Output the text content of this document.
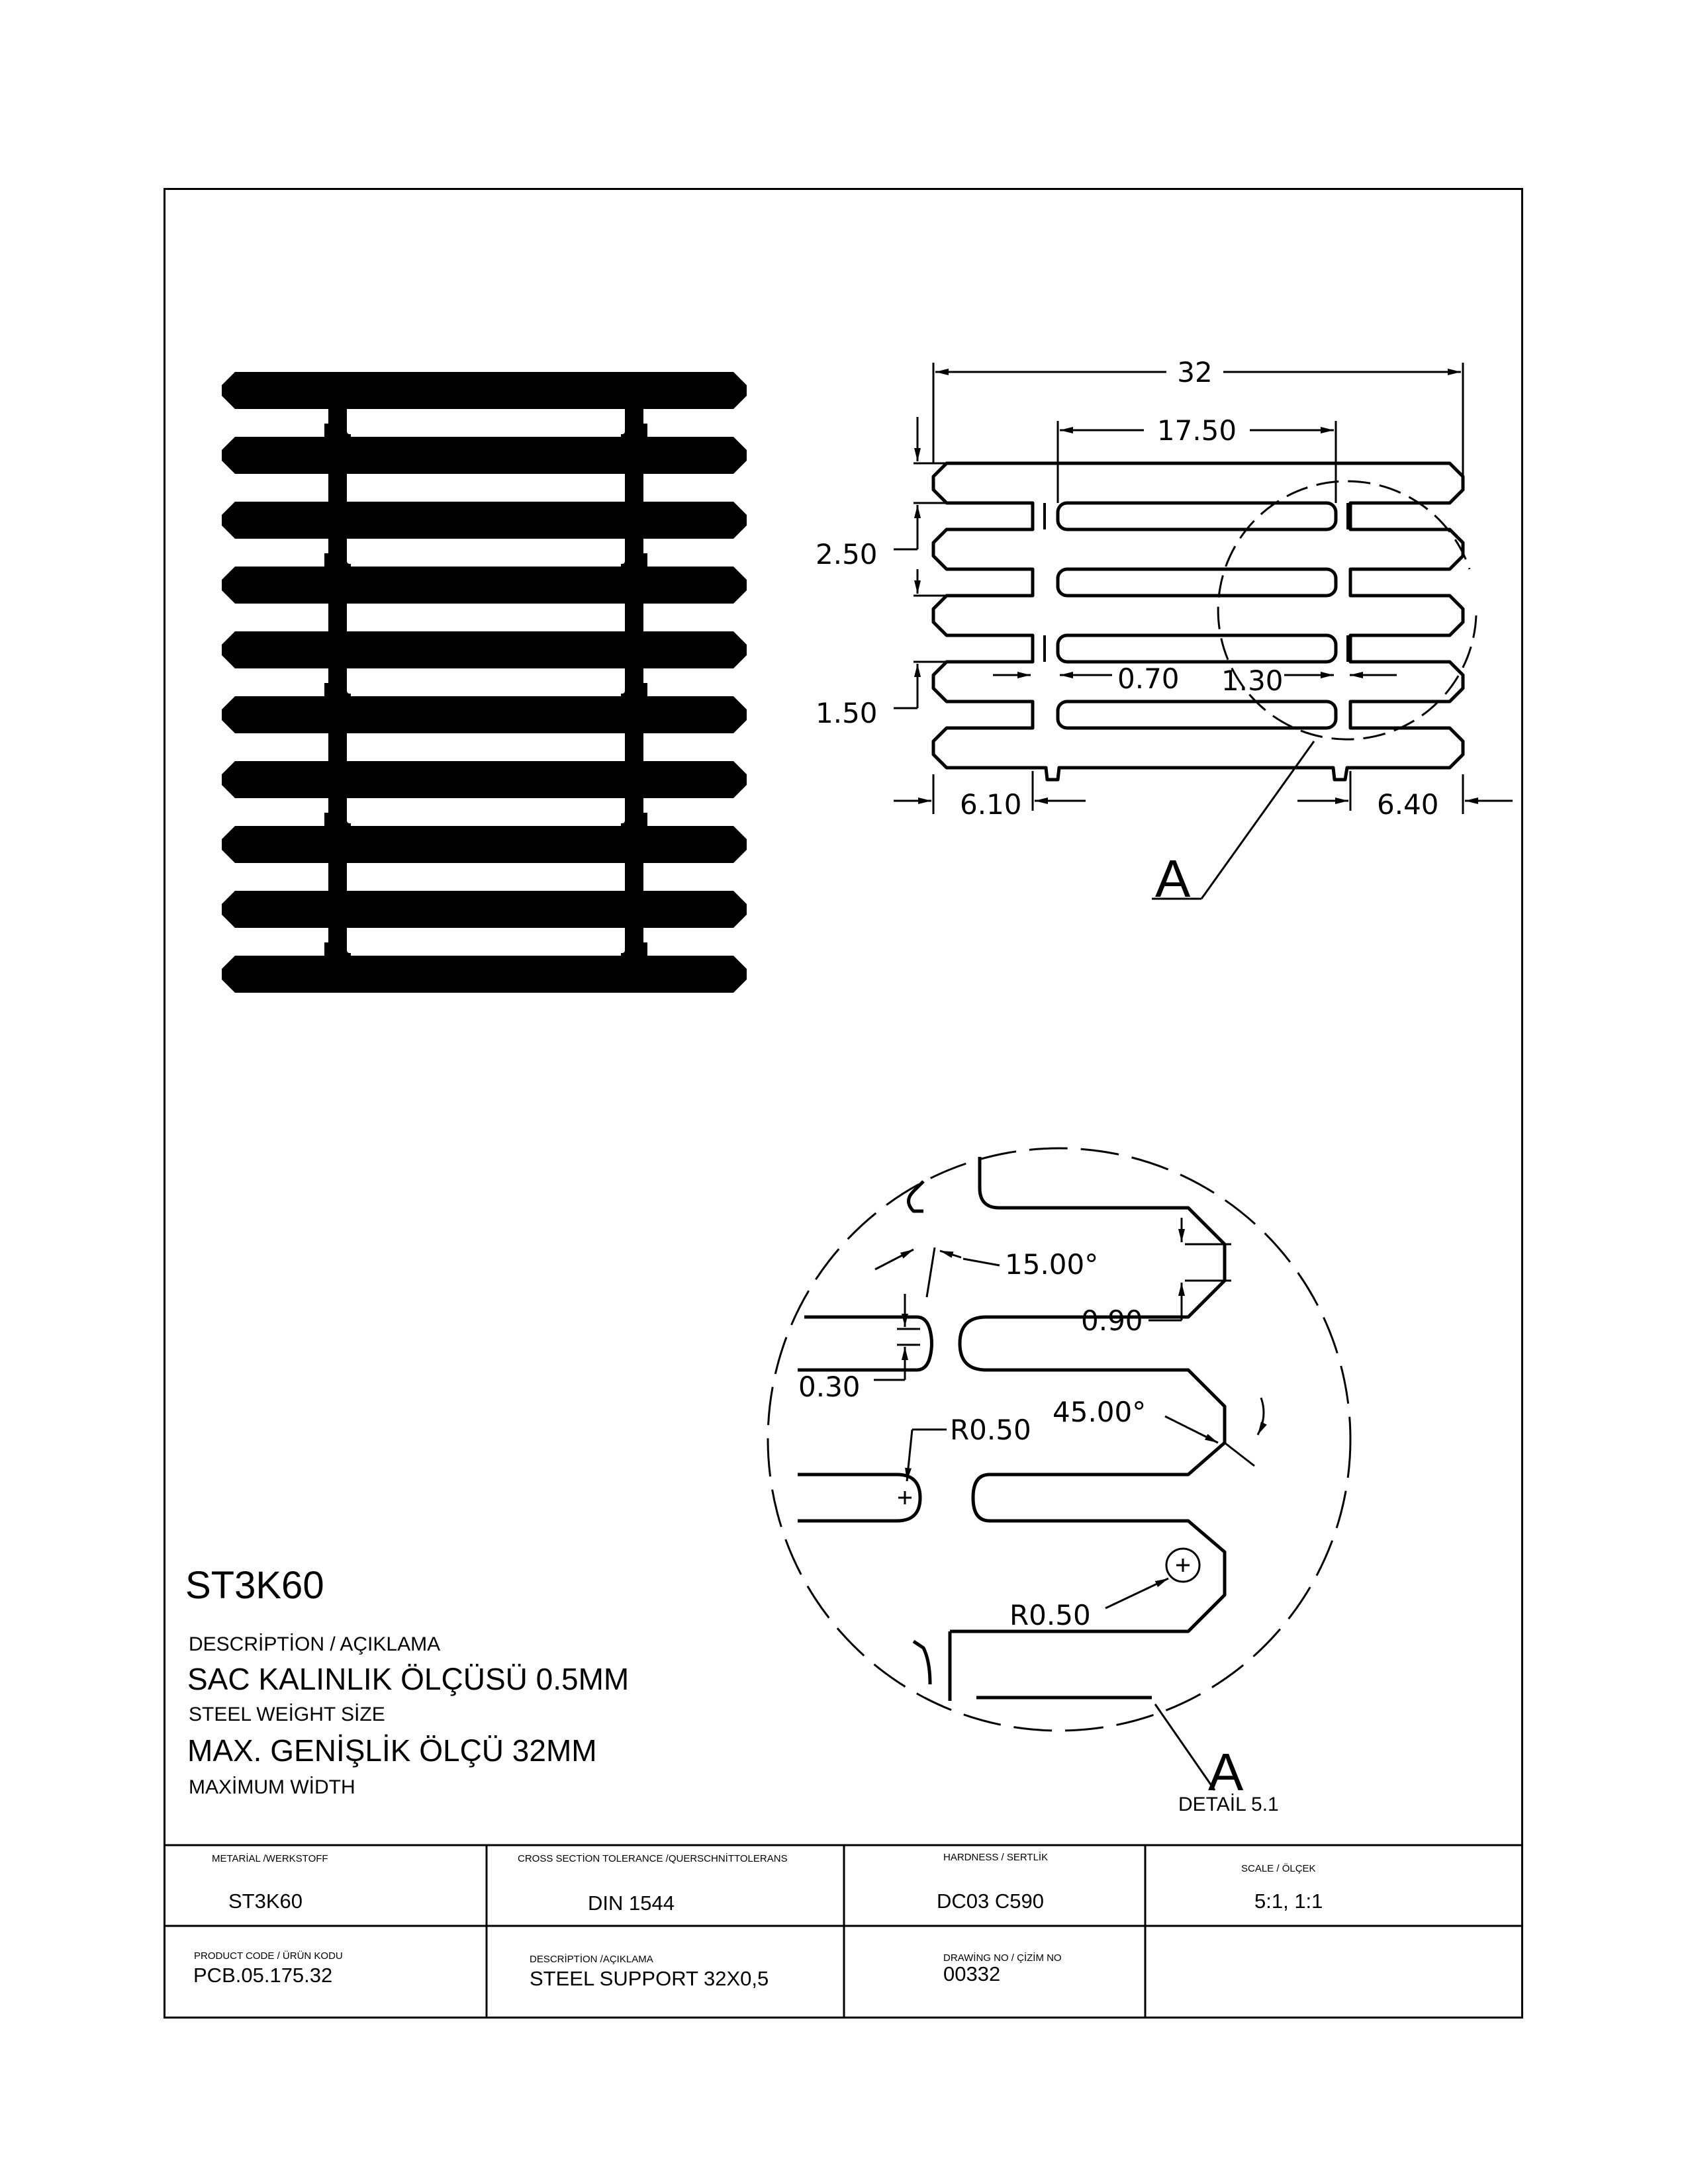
32
17.50
2.50
1.50
0.70 1.30
6.10	6.40
A
15.00°
0.90
0.30
R0.50
45.00°
R0.50
A
ST3K60
DESCRİPTİON / AÇIKLAMA
SAC KALINLIK ÖLÇÜSÜ 0.5MM
STEEL WEİGHT SİZE
MAX. GENİŞLİK ÖLÇÜ 32MM
MAXİMUM WİDTH
DETAİL 5.1
METARİAL /WERKSTOFF
ST3K60
CROSS SECTİON TOLERANCE /QUERSCHNİTTOLERANS
DIN 1544
HARDNESS / SERTLİK
DC03 C590
SCALE / ÖLÇEK
5:1, 1:1
PRODUCT CODE / ÜRÜN KODU
PCB.05.175.32
DESCRİPTİON /AÇIKLAMA
STEEL SUPPORT 32X0,5
DRAWİNG NO / ÇİZİM NO
00332
